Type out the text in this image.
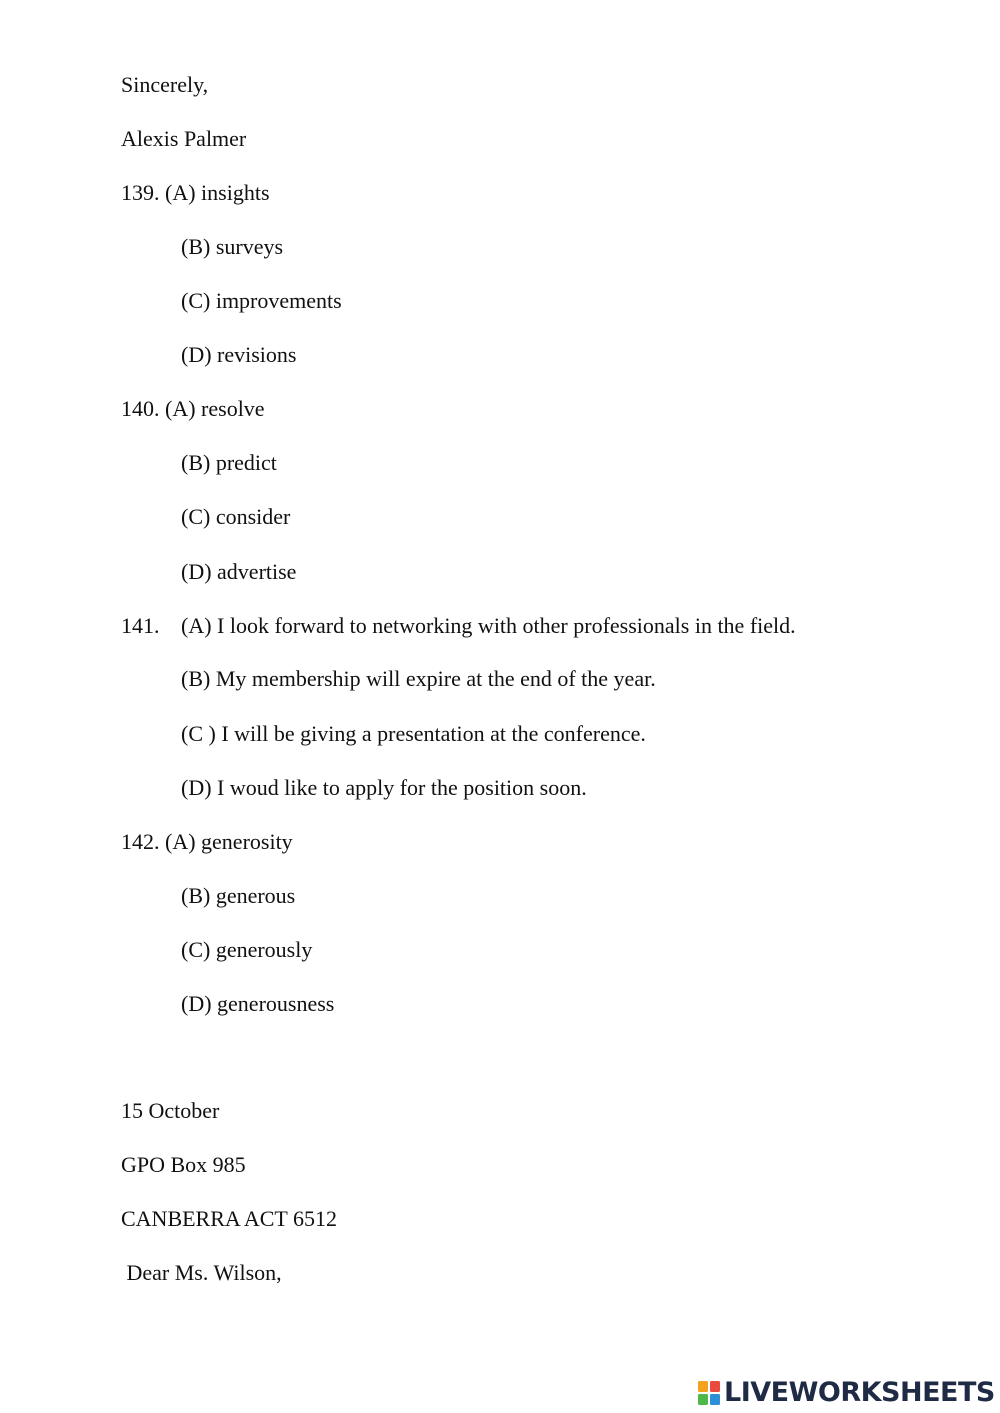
Sincerely,
Alexis Palmer
139. (A) insights
(B) surveys
(C) improvements
(D) revisions
140. (A) resolve
(B) predict
(C) consider
(D) advertise
141. (A) I look forward to networking with other professionals in the field.
(B) My membership will expire at the end of the year.
(C ) I will be giving a presentation at the conference.
(D) I woud like to apply for the position soon.
142. (A) generosity
(B) generous
(C) generously
(D) generousness
15 October
GPO Box 985
CANBERRA ACT 6512
Dear Ms. Wilson,
LIVEWORKSHEETS
